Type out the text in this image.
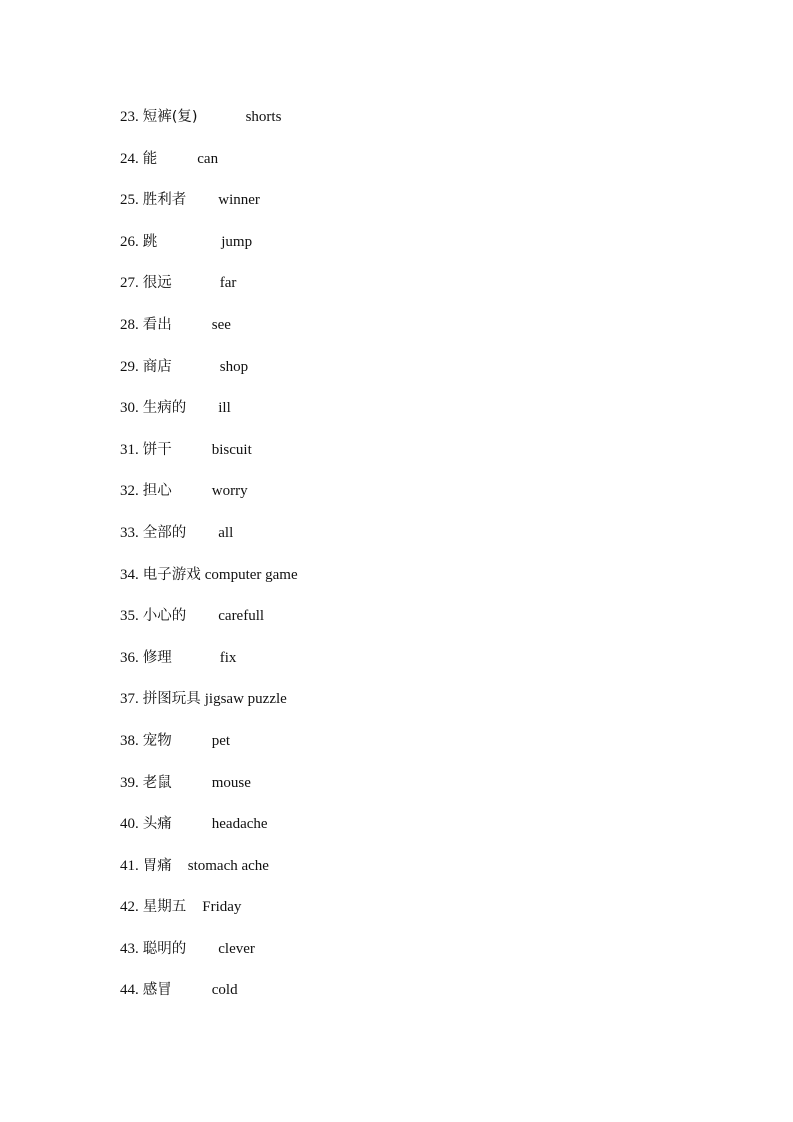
23. 短裤(复)	shorts
24. 能	can
25. 胜利者 winner
26. 跳	jump
27. 很远	far
28. 看出	see
29. 商店	shop
30. 生病的 ill
31. 饼干	biscuit
32. 担心	worry
33. 全部的 all
34. 电子游戏 computer game
35. 小心的 carefull
36. 修理	fix
37. 拼图玩具 jigsaw puzzle
38. 宠物	pet
39. 老鼠	mouse
40. 头痛	headache
41. 胃痛 stomach ache
42. 星期五 Friday
43. 聪明的 clever
44. 感冒	cold
